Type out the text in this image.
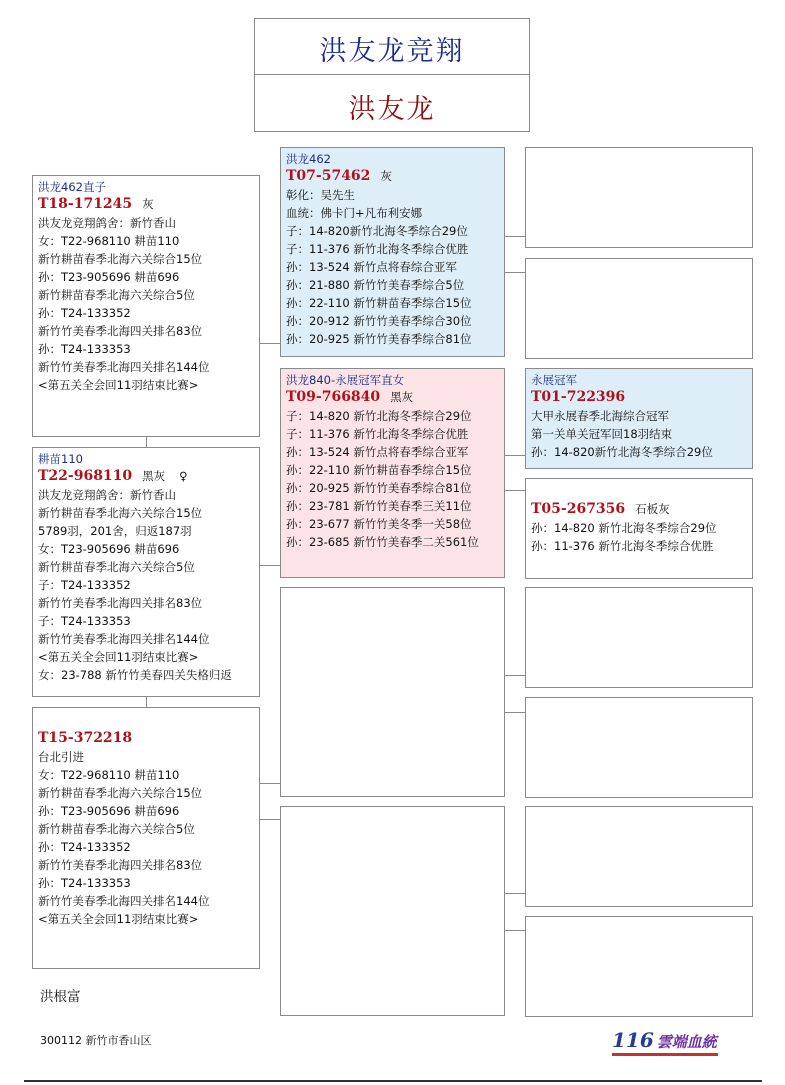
洪友龙竞翔
洪友龙
洪龙462直子
T18-171245 灰
洪友龙竞翔鸽舍：新竹香山
女：T22-968110 耕苗110
新竹耕苗春季北海六关综合15位
孙：T23-905696 耕苗696
新竹耕苗春季北海六关综合5位
孙：T24-133352
新竹竹美春季北海四关排名83位
孙：T24-133353
新竹竹美春季北海四关排名144位
<第五关全会回11羽结束比赛>
耕苗110
T22-968110 黑灰 ♀
洪友龙竞翔鸽舍：新竹香山
新竹耕苗春季北海六关综合15位
5789羽，201舍，归返187羽
女：T23-905696 耕苗696
新竹耕苗春季北海六关综合5位
子：T24-133352
新竹竹美春季北海四关排名83位
子：T24-133353
新竹竹美春季北海四关排名144位
<第五关全会回11羽结束比赛>
女：23-788 新竹竹美春四关失格归返
T15-372218
台北引进
女：T22-968110 耕苗110
新竹耕苗春季北海六关综合15位
孙：T23-905696 耕苗696
新竹耕苗春季北海六关综合5位
孙：T24-133352
新竹竹美春季北海四关排名83位
孙：T24-133353
新竹竹美春季北海四关排名144位
<第五关全会回11羽结束比赛>
洪龙462
T07-57462 灰
彰化：吴先生
血统：佛卡门+凡布利安娜
子：14-820新竹北海冬季综合29位
子：11-376 新竹北海冬季综合优胜
孙：13-524 新竹点将春综合亚军
孙：21-880 新竹竹美春季综合5位
孙：22-110 新竹耕苗春季综合15位
孙：20-912 新竹竹美春季综合30位
孙：20-925 新竹竹美春季综合81位
洪龙840-永展冠军直女
T09-766840 黑灰
子：14-820 新竹北海冬季综合29位
子：11-376 新竹北海冬季综合优胜
孙：13-524 新竹点将春季综合亚军
孙：22-110 新竹耕苗春季综合15位
孙：20-925 新竹竹美春季综合81位
孙：23-781 新竹竹美春季三关11位
孙：23-677 新竹竹美冬季一关58位
孙：23-685 新竹竹美春季二关561位
永展冠军
T01-722396
大甲永展春季北海综合冠军
第一关单关冠军回18羽结束
孙：14-820新竹北海冬季综合29位
T05-267356 石板灰
孙：14-820 新竹北海冬季综合29位
孙：11-376 新竹北海冬季综合优胜
洪根富
300112 新竹市香山区	116 雲端血統
